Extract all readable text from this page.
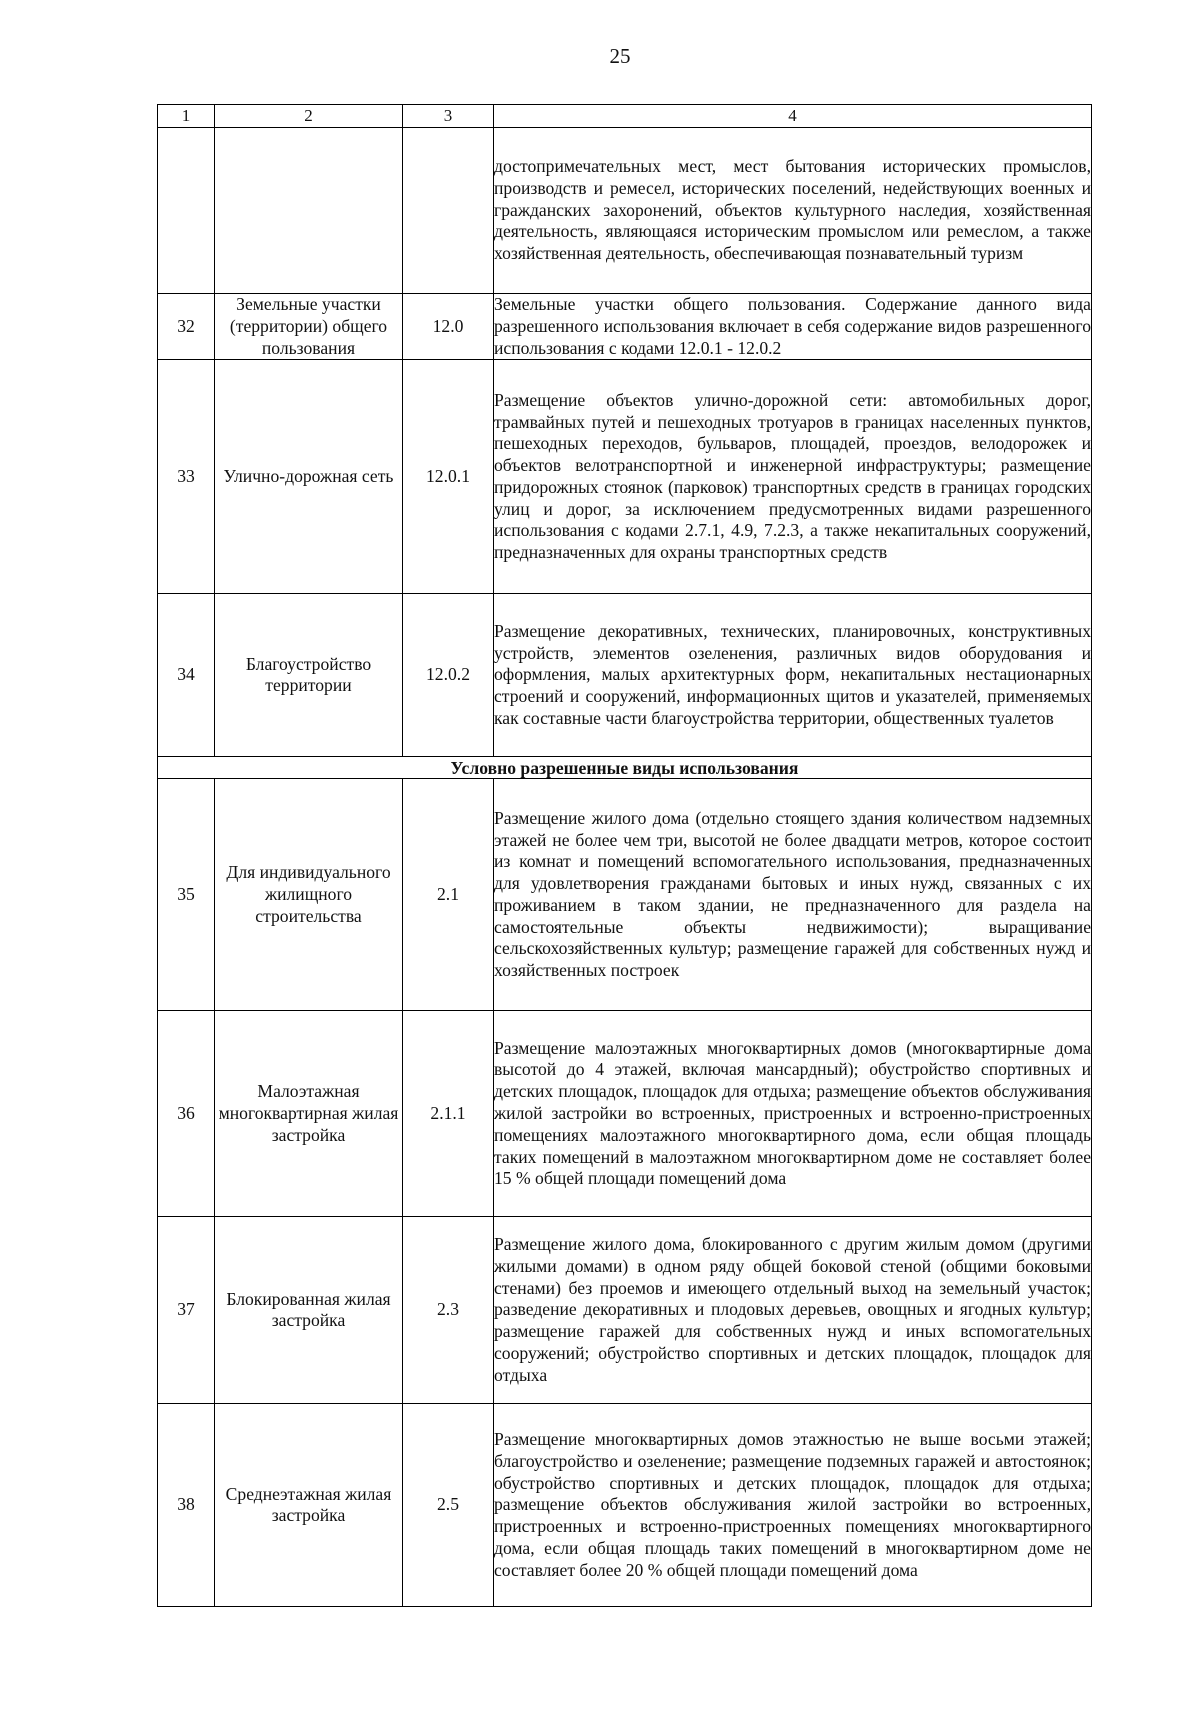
25
1	2	3	4
			достопримечательных мест, мест бытования исторических промыслов, производств и ремесел, исторических поселений, недействующих военных и гражданских захоронений, объектов культурного наследия, хозяйственная деятельность, являющаяся историческим промыслом или ремеслом, а также хозяйственная деятельность, обеспечивающая познавательный туризм
32	Земельные участки (территории) общего пользования	12.0	Земельные участки общего пользования. Содержание данного вида разрешенного использования включает в себя содержание видов разрешенного использования с кодами 12.0.1 - 12.0.2
33	Улично-дорожная сеть	12.0.1	Размещение объектов улично-дорожной сети: автомобильных дорог, трамвайных путей и пешеходных тротуаров в границах населенных пунктов, пешеходных переходов, бульваров, площадей, проездов, велодорожек и объектов велотранспортной и инженерной инфраструктуры; размещение придорожных стоянок (парковок) транспортных средств в границах городских улиц и дорог, за исключением предусмотренных видами разрешенного использования с кодами 2.7.1, 4.9, 7.2.3, а также некапитальных сооружений, предназначенных для охраны транспортных средств
34	Благоустройство территории	12.0.2	Размещение декоративных, технических, планировочных, конструктивных устройств, элементов озеленения, различных видов оборудования и оформления, малых архитектурных форм, некапитальных нестационарных строений и сооружений, информационных щитов и указателей, применяемых как составные части благоустройства территории, общественных туалетов
Условно разрешенные виды использования			
35	Для индивидуального жилищного строительства	2.1	Размещение жилого дома (отдельно стоящего здания количеством надземных этажей не более чем три, высотой не более двадцати метров, которое состоит из комнат и помещений вспомогательного использования, предназначенных для удовлетворения гражданами бытовых и иных нужд, связанных с их проживанием в таком здании, не предназначенного для раздела на самостоятельные объекты недвижимости); выращивание сельскохозяйственных культур; размещение гаражей для собственных нужд и хозяйственных построек
36	Малоэтажная многоквартирная жилая застройка	2.1.1	Размещение малоэтажных многоквартирных домов (многоквартирные дома высотой до 4 этажей, включая мансардный); обустройство спортивных и детских площадок, площадок для отдыха; размещение объектов обслуживания жилой застройки во встроенных, пристроенных и встроенно-пристроенных помещениях малоэтажного многоквартирного дома, если общая площадь таких помещений в малоэтажном многоквартирном доме не составляет более 15 % общей площади помещений дома
37	Блокированная жилая застройка	2.3	Размещение жилого дома, блокированного с другим жилым домом (другими жилыми домами) в одном ряду общей боковой стеной (общими боковыми стенами) без проемов и имеющего отдельный выход на земельный участок; разведение декоративных и плодовых деревьев, овощных и ягодных культур; размещение гаражей для собственных нужд и иных вспомогательных сооружений; обустройство спортивных и детских площадок, площадок для отдыха
38	Среднеэтажная жилая застройка	2.5	Размещение многоквартирных домов этажностью не выше восьми этажей; благоустройство и озеленение; размещение подземных гаражей и автостоянок; обустройство спортивных и детских площадок, площадок для отдыха; размещение объектов обслуживания жилой застройки во встроенных, пристроенных и встроенно-пристроенных помещениях многоквартирного дома, если общая площадь таких помещений в многоквартирном доме не составляет более 20 % общей площади помещений дома
